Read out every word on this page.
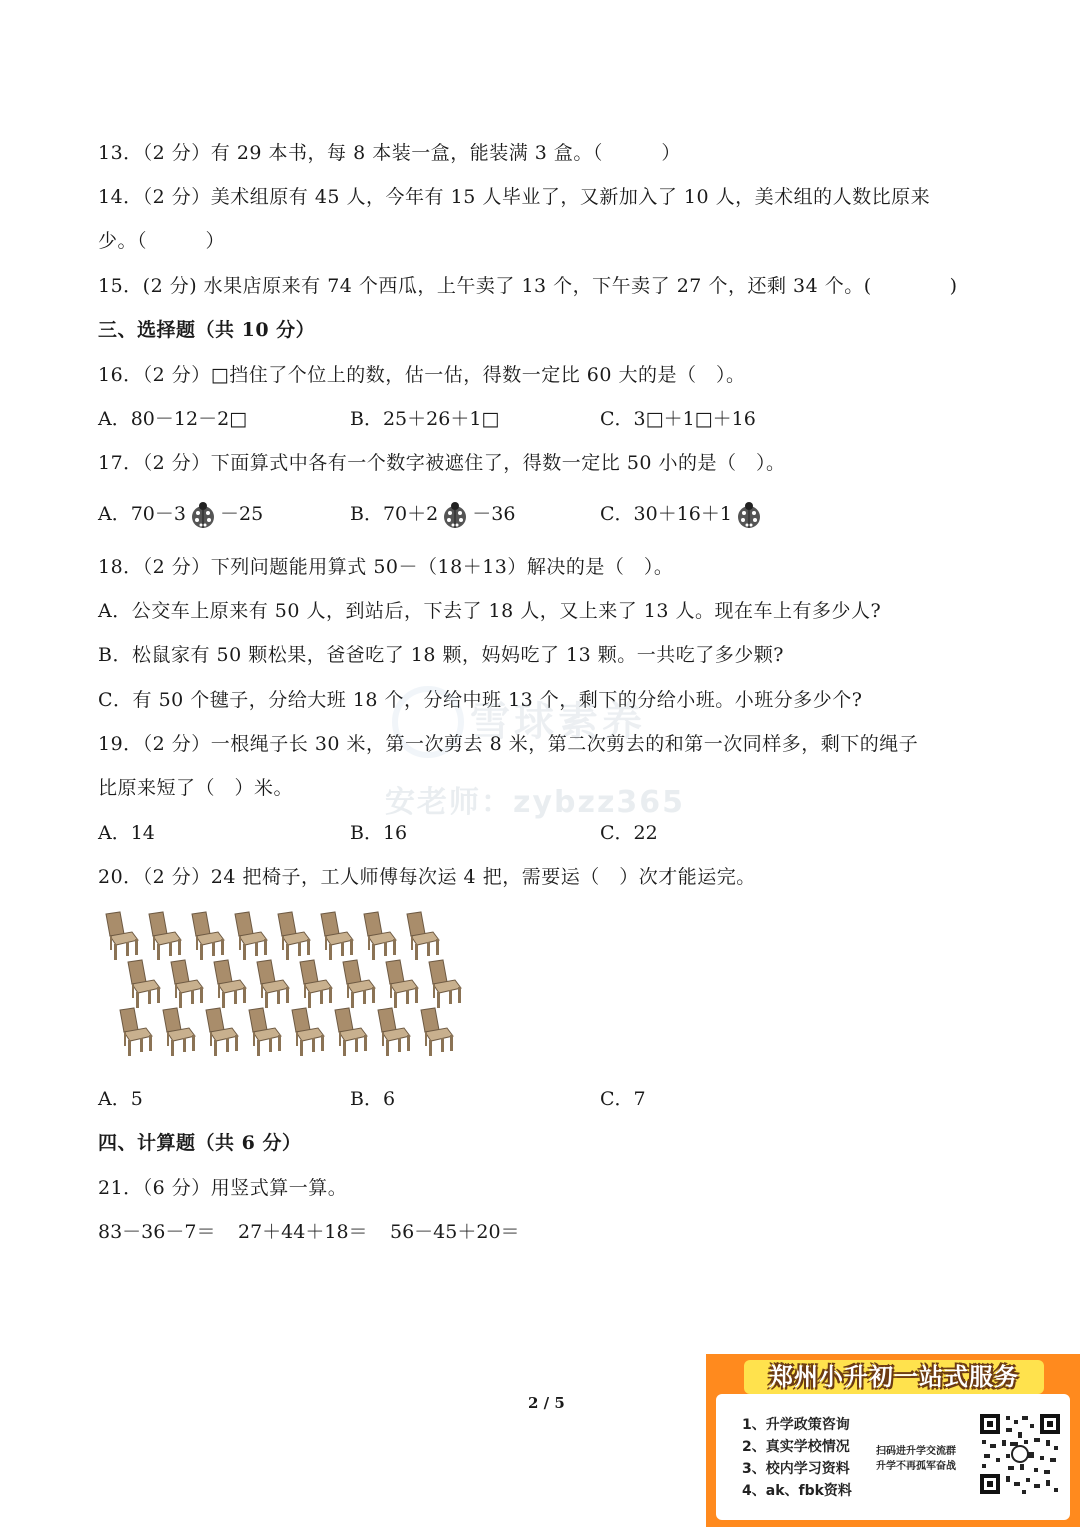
13．（2 分）有 29 本书，每 8 本装一盒，能装满 3 盒。（　　　）
14．（2 分）美术组原有 45 人，今年有 15 人毕业了，又新加入了 10 人，美术组的人数比原来
少。（　　　）
15．(2 分) 水果店原来有 74 个西瓜，上午卖了 13 个，下午卖了 27 个，还剩 34 个。(　　　　)
三、选择题（共 10 分）
16．（2 分）□挡住了个位上的数，估一估，得数一定比 60 大的是（　）。
A．80－12－2□	B．25＋26＋1□	C．3□＋1□＋16
17．（2 分）下面算式中各有一个数字被遮住了，得数一定比 50 小的是（　）。
A．70－3 －25	B．70＋2 －36	C．30＋16＋1
18．（2 分）下列问题能用算式 50－（18＋13）解决的是（　）。
A．公交车上原来有 50 人，到站后，下去了 18 人，又上来了 13 人。现在车上有多少人?
B．松鼠家有 50 颗松果，爸爸吃了 18 颗，妈妈吃了 13 颗。一共吃了多少颗?
C．有 50 个毽子，分给大班 18 个，分给中班 13 个，剩下的分给小班。小班分多少个?
雪球素养
安老师：zybzz365
19．（2 分）一根绳子长 30 米，第一次剪去 8 米，第二次剪去的和第一次同样多，剩下的绳子
比原来短了（　）米。
A．14	B．16	C．22
20．（2 分）24 把椅子，工人师傅每次运 4 把，需要运（　）次才能运完。
A．5	B．6	C．7
四、计算题（共 6 分）
21．（6 分）用竖式算一算。
83－36－7＝ 27＋44＋18＝ 56－45＋20＝
2 / 5
郑州小升初一站式服务
1、升学政策咨询
2、真实学校情况
3、校内学习资料
4、ak、fbk资料
扫码进升学交流群
升学不再孤军奋战
